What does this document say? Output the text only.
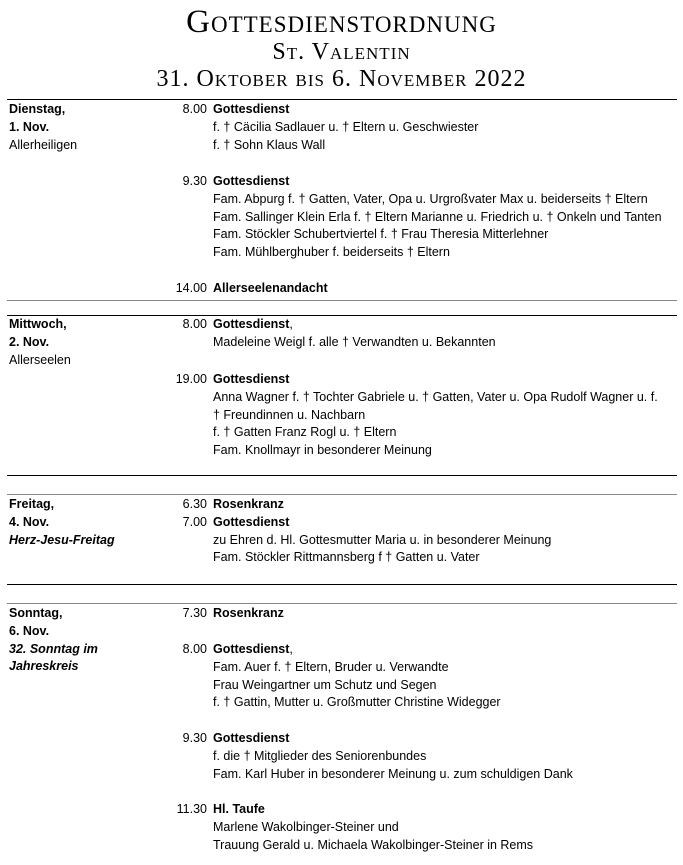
Gottesdienstordnung
St. Valentin
31. Oktober bis 6. November 2022
Dienstag,
1. Nov.
Allerheiligen
8.00 Gottesdienst
f. † Cäcilia Sadlauer u. † Eltern u. Geschwiester
f. † Sohn Klaus Wall
9.30 Gottesdienst
Fam. Abpurg f. † Gatten, Vater, Opa u. Urgroßvater Max u. beiderseits † Eltern
Fam. Sallinger Klein Erla f. † Eltern Marianne u. Friedrich u. † Onkeln und Tanten
Fam. Stöckler Schubertviertel f. † Frau Theresia Mitterlehner
Fam. Mühlberghuber f. beiderseits † Eltern
14.00 Allerseelenandacht
Mittwoch,
2. Nov.
Allerseelen
8.00 Gottesdienst,
Madeleine Weigl f. alle † Verwandten u. Bekannten
19.00 Gottesdienst
Anna Wagner f. † Tochter Gabriele u. † Gatten, Vater u. Opa Rudolf Wagner u. f.
† Freundinnen u. Nachbarn
f. † Gatten Franz Rogl u. † Eltern
Fam. Knollmayr in besonderer Meinung
Freitag,
4. Nov.
Herz-Jesu-Freitag
6.30 Rosenkranz
7.00 Gottesdienst
zu Ehren d. Hl. Gottesmutter Maria u. in besonderer Meinung
Fam. Stöckler Rittmannsberg f † Gatten u. Vater
Sonntag,
6. Nov.
32. Sonntag im
Jahreskreis
7.30 Rosenkranz
8.00 Gottesdienst,
Fam. Auer f. † Eltern, Bruder u. Verwandte
Frau Weingartner um Schutz und Segen
f. † Gattin, Mutter u. Großmutter Christine Widegger
9.30 Gottesdienst
f. die † Mitglieder des Seniorenbundes
Fam. Karl Huber in besonderer Meinung u. zum schuldigen Dank
11.30 Hl. Taufe
Marlene Wakolbinger-Steiner und
Trauung Gerald u. Michaela Wakolbinger-Steiner in Rems
